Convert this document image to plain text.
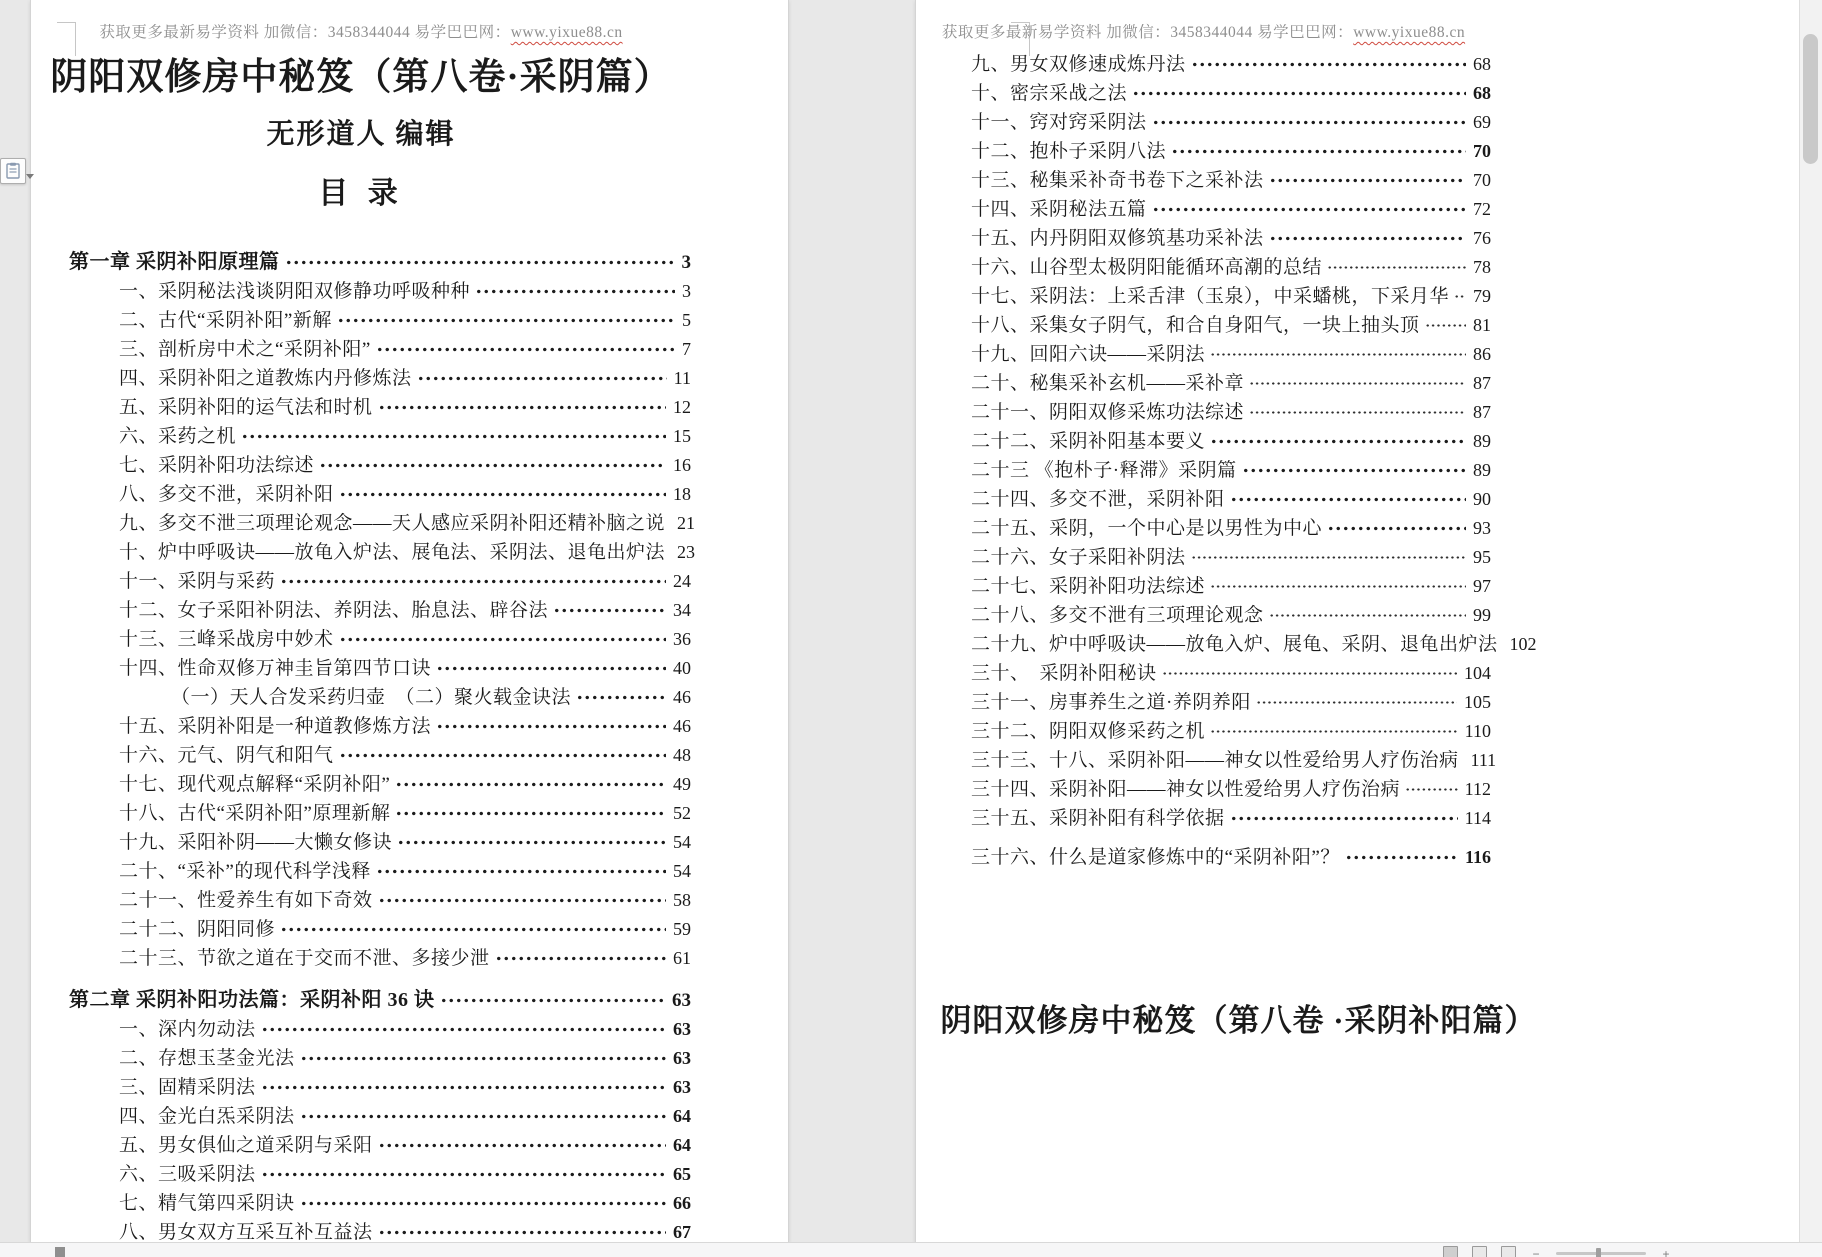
获取更多最新易学资料 加微信：3458344044 易学巴巴网：www.yixue88.cn
阴阳双修房中秘笈（第八卷·采阴篇）
无形道人 编辑
目 录
第一章 采阴补阳原理篇	3
一、采阴秘法浅谈阴阳双修静功呼吸种种	3
二、古代“采阴补阳”新解	5
三、剖析房中术之“采阴补阳”	7
四、采阴补阳之道教炼内丹修炼法	11
五、采阴补阳的运气法和时机	12
六、采药之机	15
七、采阴补阳功法综述	16
八、多交不泄，采阴补阳	18
九、多交不泄三项理论观念——天人感应采阴补阳还精补脑之说 21
十、炉中呼吸诀——放龟入炉法、展龟法、采阴法、退龟出炉法 23
十一、采阴与采药	24
十二、女子采阳补阴法、养阴法、胎息法、辟谷法	34
十三、三峰采战房中妙术	36
十四、性命双修万神圭旨第四节口诀	40
（一）天人合发采药归壶　（二）聚火载金诀法	46
十五、采阴补阳是一种道教修炼方法	46
十六、元气、阴气和阳气	48
十七、现代观点解释“采阴补阳”	49
十八、古代“采阴补阳”原理新解	52
十九、采阳补阴——大懒女修诀	54
二十、“采补”的现代科学浅释	54
二十一、性爱养生有如下奇效	58
二十二、阴阳同修	59
二十三、节欲之道在于交而不泄、多接少泄	61
第二章 采阴补阳功法篇：采阴补阳 36 诀	63
一、深内勿动法	63
二、存想玉茎金光法	63
三、固精采阴法	63
四、金光白炁采阴法	64
五、男女俱仙之道采阴与采阳	64
六、三吸采阴法	65
七、精气第四采阴诀	66
八、男女双方互采互补互益法	67
获取更多最新易学资料 加微信：3458344044 易学巴巴网：www.yixue88.cn
九、男女双修速成炼丹法	68
十、密宗采战之法	68
十一、窍对窍采阴法	69
十二、抱朴子采阴八法	70
十三、秘集采补奇书卷下之采补法	70
十四、采阴秘法五篇	72
十五、内丹阴阳双修筑基功采补法	76
十六、山谷型太极阴阳能循环高潮的总结	78
十七、采阴法：上采舌津（玉泉），中采蟠桃，下采月华 79
十八、采集女子阴气，和合自身阳气，一块上抽头顶	81
十九、回阳六诀——采阴法	86
二十、秘集采补玄机——采补章	87
二十一、阴阳双修采炼功法综述	87
二十二、采阴补阳基本要义	89
二十三 《抱朴子·释滞》采阴篇	89
二十四、多交不泄，采阴补阳	90
二十五、采阴，一个中心是以男性为中心	93
二十六、女子采阳补阴法	95
二十七、采阴补阳功法综述	97
二十八、多交不泄有三项理论观念	99
二十九、炉中呼吸诀——放龟入炉、展龟、采阴、退龟出炉法 102
三十、　采阴补阳秘诀	104
三十一、房事养生之道·养阴养阳	105
三十二、阴阳双修采药之机	110
三十三、十八、采阴补阳——神女以性爱给男人疗伤治病 111
三十四、采阴补阳——神女以性爱给男人疗伤治病	112
三十五、采阴补阳有科学依据	114
三十六、什么是道家修炼中的“采阴补阳”？	116
阴阳双修房中秘笈（第八卷 ·采阴补阳篇）
−	+
